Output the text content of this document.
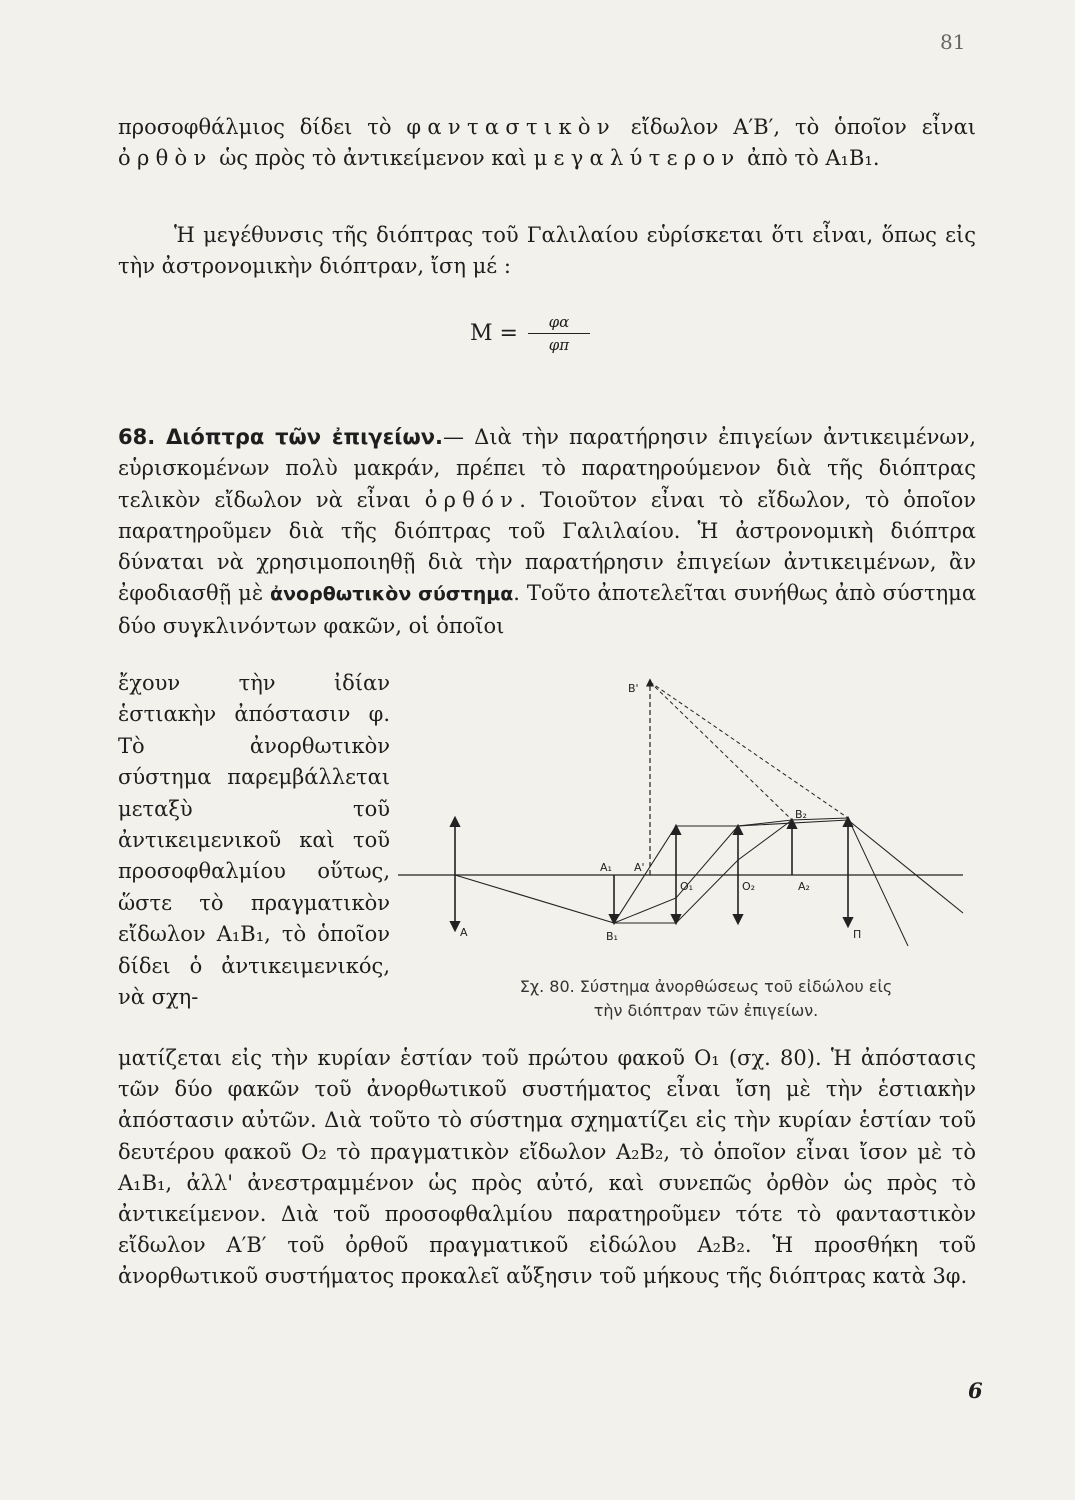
81
προσοφθάλμιος δίδει τὸ φανταστικὸν εἴδωλον A′B′, τὸ ὁποῖον εἶναι ὀρθὸν ὡς πρὸς τὸ ἀντικείμενον καὶ μεγαλύτερον ἀπὸ τὸ A₁B₁.
Ἡ μεγέθυνσις τῆς διόπτρας τοῦ Γαλιλαίου εὑρίσκεται ὅτι εἶναι, ὅπως εἰς τὴν ἀστρονομικὴν διόπτραν, ἴση μέ :
$M = \frac{\varphi\alpha}{\varphi\pi}$
68. Διόπτρα τῶν ἐπιγείων.— Διὰ τὴν παρατήρησιν ἐπιγείων ἀντικειμένων, εὑρισκομένων πολὺ μακράν, πρέπει τὸ παρατηρούμενον διὰ τῆς διόπτρας τελικὸν εἴδωλον νὰ εἶναι ὀρθόν. Τοιοῦτον εἶναι τὸ εἴδωλον, τὸ ὁποῖον παρατηροῦμεν διὰ τῆς διόπτρας τοῦ Γαλιλαίου. Ἡ ἀστρονομικὴ διόπτρα δύναται νὰ χρησιμοποιηθῇ διὰ τὴν παρατήρησιν ἐπιγείων ἀντικειμένων, ἂν ἐφοδιασθῇ μὲ ἀνορθωτικὸν σύστημα. Τοῦτο ἀποτελεῖται συνήθως ἀπὸ σύστημα δύο συγκλινόντων φακῶν, οἱ ὁποῖοι
ἔχουν τὴν ἰδίαν ἑστιακὴν ἀπόστασιν φ. Τὸ ἀνορθωτικὸν σύστημα παρεμβάλλεται μεταξὺ τοῦ ἀντικειμενικοῦ καὶ τοῦ προσοφθαλμίου οὕτως, ὥστε τὸ πραγματικὸν εἴδωλον A₁B₁, τὸ ὁποῖον δίδει ὁ ἀντικειμενικός, νὰ σχη-
B'
B₂
A₁ A'
O₁	O₂	A₂
A	B₁	Π
Σχ. 80. Σύστημα ἀνορθώσεως τοῦ εἰδώλου εἰς
τὴν διόπτραν τῶν ἐπιγείων.
ματίζεται εἰς τὴν κυρίαν ἑστίαν τοῦ πρώτου φακοῦ O₁ (σχ. 80). Ἡ ἀπόστασις τῶν δύο φακῶν τοῦ ἀνορθωτικοῦ συστήματος εἶναι ἴση μὲ τὴν ἑστιακὴν ἀπόστασιν αὐτῶν. Διὰ τοῦτο τὸ σύστημα σχηματίζει εἰς τὴν κυρίαν ἑστίαν τοῦ δευτέρου φακοῦ O₂ τὸ πραγματικὸν εἴδωλον A₂B₂, τὸ ὁποῖον εἶναι ἴσον μὲ τὸ A₁B₁, ἀλλ' ἀνεστραμμένον ὡς πρὸς αὐτό, καὶ συνεπῶς ὀρθὸν ὡς πρὸς τὸ ἀντικείμενον. Διὰ τοῦ προσοφθαλμίου παρατηροῦμεν τότε τὸ φανταστικὸν εἴδωλον A′B′ τοῦ ὀρθοῦ πραγματικοῦ εἰδώλου A₂B₂. Ἡ προσθήκη τοῦ ἀνορθωτικοῦ συστήματος προκαλεῖ αὔξησιν τοῦ μήκους τῆς διόπτρας κατὰ 3φ.
6
